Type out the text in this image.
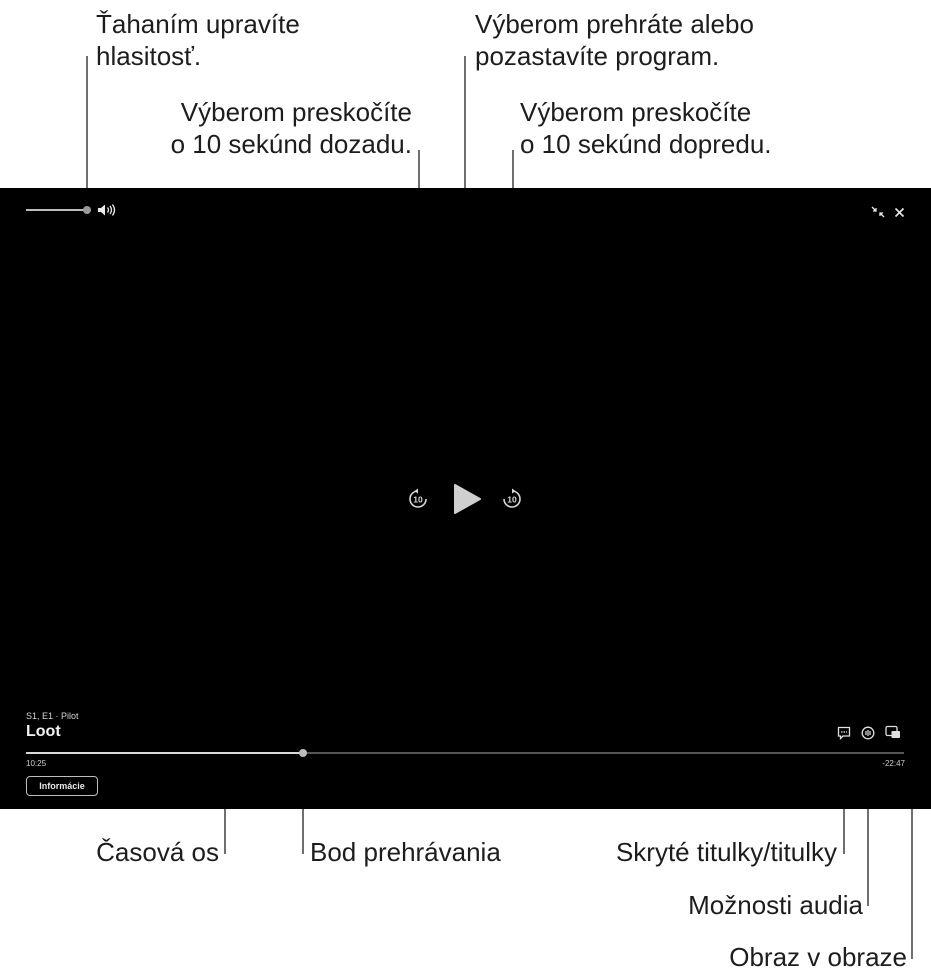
Ťahaním upravíte
hlasitosť.
Výberom prehráte alebo
pozastavíte program.
Výberom preskočíte
o 10 sekúnd dozadu.
Výberom preskočíte
o 10 sekúnd dopredu.
Časová os	Bod prehrávania	Skryté titulky/titulky
Možnosti audia
Obraz v obraze
10	10
S1, E1 · Pilot
Loot
10:25	-22:47
Informácie
